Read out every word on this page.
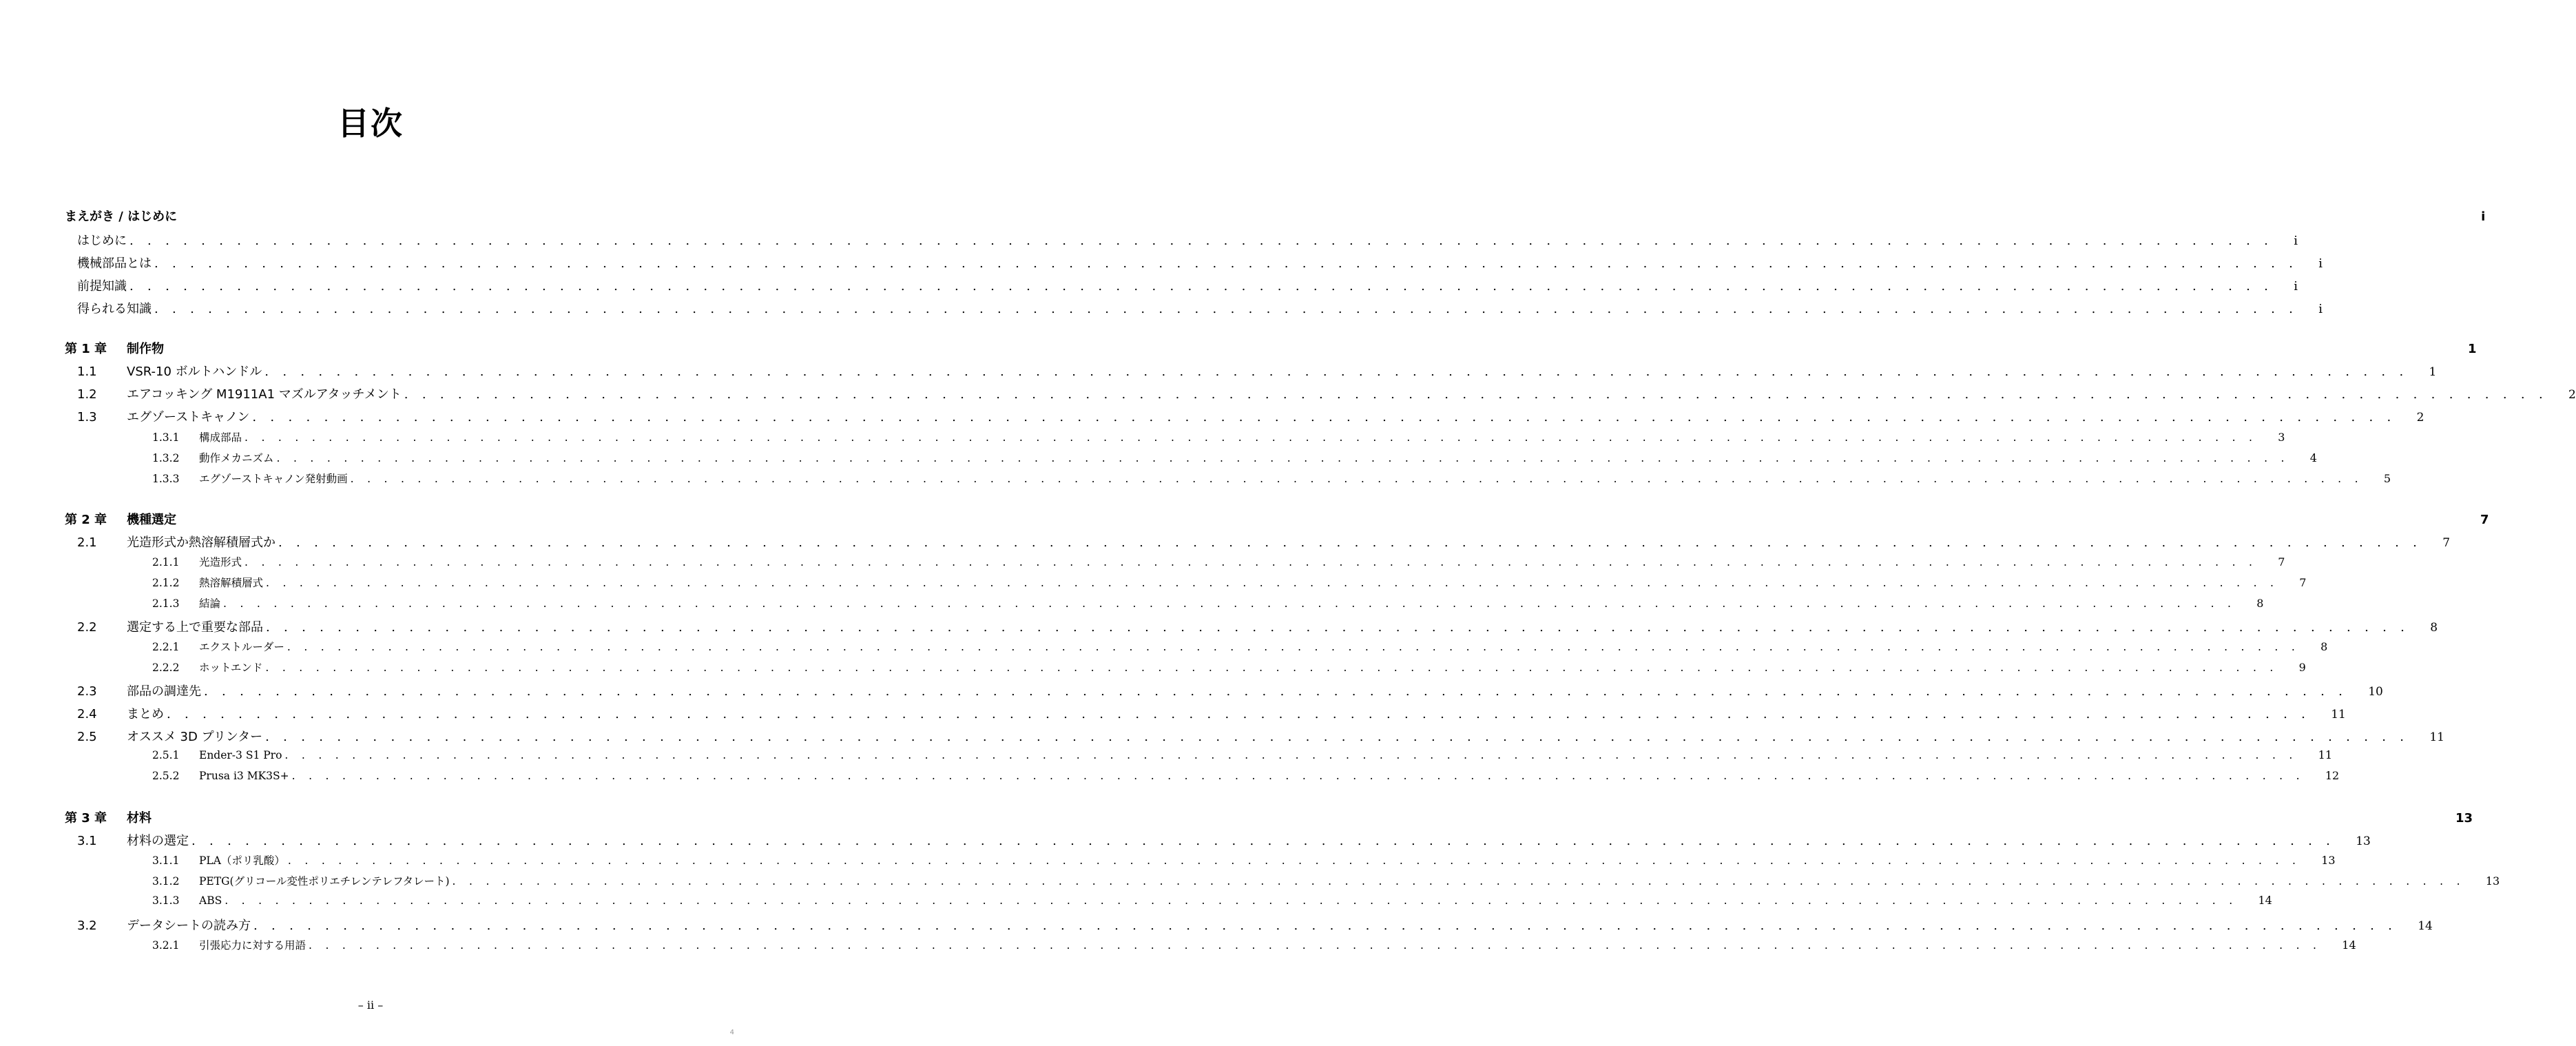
目次
まえがき / はじめに	i
はじめに . . . . . . . . . . . . . . . . . . . . . . . . . . . . . . . . . . . . . . . . . . . . . . . . . . . . . . . . . . . . . . . . . . . . . . . . . . . . . . . . . . . . . . . . . . . . . . . . . . . . . . . . . . . . . . . . . . . . . . . . i
機械部品とは . . . . . . . . . . . . . . . . . . . . . . . . . . . . . . . . . . . . . . . . . . . . . . . . . . . . . . . . . . . . . . . . . . . . . . . . . . . . . . . . . . . . . . . . . . . . . . . . . . . . . . . . . . . . . . . . . . . . . . . . i
前提知識 . . . . . . . . . . . . . . . . . . . . . . . . . . . . . . . . . . . . . . . . . . . . . . . . . . . . . . . . . . . . . . . . . . . . . . . . . . . . . . . . . . . . . . . . . . . . . . . . . . . . . . . . . . . . . . . . . . . . . . . . i
得られる知識 . . . . . . . . . . . . . . . . . . . . . . . . . . . . . . . . . . . . . . . . . . . . . . . . . . . . . . . . . . . . . . . . . . . . . . . . . . . . . . . . . . . . . . . . . . . . . . . . . . . . . . . . . . . . . . . . . . . . . . . . i
第 1 章	制作物	1
1.1	VSR-10 ボルトハンドル . . . . . . . . . . . . . . . . . . . . . . . . . . . . . . . . . . . . . . . . . . . . . . . . . . . . . . . . . . . . . . . . . . . . . . . . . . . . . . . . . . . . . . . . . . . . . . . . . . . . . . . . . . . . . . . . . . . . . . . . 1
1.2	エアコッキング M1911A1 マズルアタッチメント . . . . . . . . . . . . . . . . . . . . . . . . . . . . . . . . . . . . . . . . . . . . . . . . . . . . . . . . . . . . . . . . . . . . . . . . . . . . . . . . . . . . . . . . . . . . . . . . . . . . . . . . . . . . . . . . . . . . . . . . 2
1.3	エグゾーストキャノン . . . . . . . . . . . . . . . . . . . . . . . . . . . . . . . . . . . . . . . . . . . . . . . . . . . . . . . . . . . . . . . . . . . . . . . . . . . . . . . . . . . . . . . . . . . . . . . . . . . . . . . . . . . . . . . . . . . . . . . . 2
1.3.1	構成部品 . . . . . . . . . . . . . . . . . . . . . . . . . . . . . . . . . . . . . . . . . . . . . . . . . . . . . . . . . . . . . . . . . . . . . . . . . . . . . . . . . . . . . . . . . . . . . . . . . . . . . . . . . . . . . . . . . . . . . . . . 3
1.3.2	動作メカニズム . . . . . . . . . . . . . . . . . . . . . . . . . . . . . . . . . . . . . . . . . . . . . . . . . . . . . . . . . . . . . . . . . . . . . . . . . . . . . . . . . . . . . . . . . . . . . . . . . . . . . . . . . . . . . . . . . . . . . . . . 4
1.3.3	エグゾーストキャノン発射動画 . . . . . . . . . . . . . . . . . . . . . . . . . . . . . . . . . . . . . . . . . . . . . . . . . . . . . . . . . . . . . . . . . . . . . . . . . . . . . . . . . . . . . . . . . . . . . . . . . . . . . . . . . . . . . . . . . . . . . . . . 5
第 2 章	機種選定	7
2.1	光造形式か熱溶解積層式か . . . . . . . . . . . . . . . . . . . . . . . . . . . . . . . . . . . . . . . . . . . . . . . . . . . . . . . . . . . . . . . . . . . . . . . . . . . . . . . . . . . . . . . . . . . . . . . . . . . . . . . . . . . . . . . . . . . . . . . . 7
2.1.1	光造形式 . . . . . . . . . . . . . . . . . . . . . . . . . . . . . . . . . . . . . . . . . . . . . . . . . . . . . . . . . . . . . . . . . . . . . . . . . . . . . . . . . . . . . . . . . . . . . . . . . . . . . . . . . . . . . . . . . . . . . . . . 7
2.1.2	熱溶解積層式 . . . . . . . . . . . . . . . . . . . . . . . . . . . . . . . . . . . . . . . . . . . . . . . . . . . . . . . . . . . . . . . . . . . . . . . . . . . . . . . . . . . . . . . . . . . . . . . . . . . . . . . . . . . . . . . . . . . . . . . . 7
2.1.3	結論 . . . . . . . . . . . . . . . . . . . . . . . . . . . . . . . . . . . . . . . . . . . . . . . . . . . . . . . . . . . . . . . . . . . . . . . . . . . . . . . . . . . . . . . . . . . . . . . . . . . . . . . . . . . . . . . . . . . . . . . . 8
2.2	選定する上で重要な部品 . . . . . . . . . . . . . . . . . . . . . . . . . . . . . . . . . . . . . . . . . . . . . . . . . . . . . . . . . . . . . . . . . . . . . . . . . . . . . . . . . . . . . . . . . . . . . . . . . . . . . . . . . . . . . . . . . . . . . . . . 8
2.2.1	エクストルーダー . . . . . . . . . . . . . . . . . . . . . . . . . . . . . . . . . . . . . . . . . . . . . . . . . . . . . . . . . . . . . . . . . . . . . . . . . . . . . . . . . . . . . . . . . . . . . . . . . . . . . . . . . . . . . . . . . . . . . . . . 8
2.2.2	ホットエンド . . . . . . . . . . . . . . . . . . . . . . . . . . . . . . . . . . . . . . . . . . . . . . . . . . . . . . . . . . . . . . . . . . . . . . . . . . . . . . . . . . . . . . . . . . . . . . . . . . . . . . . . . . . . . . . . . . . . . . . . 9
2.3	部品の調達先 . . . . . . . . . . . . . . . . . . . . . . . . . . . . . . . . . . . . . . . . . . . . . . . . . . . . . . . . . . . . . . . . . . . . . . . . . . . . . . . . . . . . . . . . . . . . . . . . . . . . . . . . . . . . . . . . . . . . . . . . 10
2.4	まとめ . . . . . . . . . . . . . . . . . . . . . . . . . . . . . . . . . . . . . . . . . . . . . . . . . . . . . . . . . . . . . . . . . . . . . . . . . . . . . . . . . . . . . . . . . . . . . . . . . . . . . . . . . . . . . . . . . . . . . . . . 11
2.5	オススメ 3D プリンター . . . . . . . . . . . . . . . . . . . . . . . . . . . . . . . . . . . . . . . . . . . . . . . . . . . . . . . . . . . . . . . . . . . . . . . . . . . . . . . . . . . . . . . . . . . . . . . . . . . . . . . . . . . . . . . . . . . . . . . . 11
2.5.1	Ender-3 S1 Pro . . . . . . . . . . . . . . . . . . . . . . . . . . . . . . . . . . . . . . . . . . . . . . . . . . . . . . . . . . . . . . . . . . . . . . . . . . . . . . . . . . . . . . . . . . . . . . . . . . . . . . . . . . . . . . . . . . . . . . . . 11
2.5.2	Prusa i3 MK3S+ . . . . . . . . . . . . . . . . . . . . . . . . . . . . . . . . . . . . . . . . . . . . . . . . . . . . . . . . . . . . . . . . . . . . . . . . . . . . . . . . . . . . . . . . . . . . . . . . . . . . . . . . . . . . . . . . . . . . . . . . 12
第 3 章	材料	13
3.1	材料の選定 . . . . . . . . . . . . . . . . . . . . . . . . . . . . . . . . . . . . . . . . . . . . . . . . . . . . . . . . . . . . . . . . . . . . . . . . . . . . . . . . . . . . . . . . . . . . . . . . . . . . . . . . . . . . . . . . . . . . . . . . 13
3.1.1	PLA（ポリ乳酸） . . . . . . . . . . . . . . . . . . . . . . . . . . . . . . . . . . . . . . . . . . . . . . . . . . . . . . . . . . . . . . . . . . . . . . . . . . . . . . . . . . . . . . . . . . . . . . . . . . . . . . . . . . . . . . . . . . . . . . . . 13
3.1.2	PETG(グリコール変性ポリエチレンテレフタレート) . . . . . . . . . . . . . . . . . . . . . . . . . . . . . . . . . . . . . . . . . . . . . . . . . . . . . . . . . . . . . . . . . . . . . . . . . . . . . . . . . . . . . . . . . . . . . . . . . . . . . . . . . . . . . . . . . . . . . . . . 13
3.1.3	ABS . . . . . . . . . . . . . . . . . . . . . . . . . . . . . . . . . . . . . . . . . . . . . . . . . . . . . . . . . . . . . . . . . . . . . . . . . . . . . . . . . . . . . . . . . . . . . . . . . . . . . . . . . . . . . . . . . . . . . . . . 14
3.2	データシートの読み方 . . . . . . . . . . . . . . . . . . . . . . . . . . . . . . . . . . . . . . . . . . . . . . . . . . . . . . . . . . . . . . . . . . . . . . . . . . . . . . . . . . . . . . . . . . . . . . . . . . . . . . . . . . . . . . . . . . . . . . . . 14
3.2.1	引張応力に対する用語 . . . . . . . . . . . . . . . . . . . . . . . . . . . . . . . . . . . . . . . . . . . . . . . . . . . . . . . . . . . . . . . . . . . . . . . . . . . . . . . . . . . . . . . . . . . . . . . . . . . . . . . . . . . . . . . . . . . . . . . . 14
– ii –
4
